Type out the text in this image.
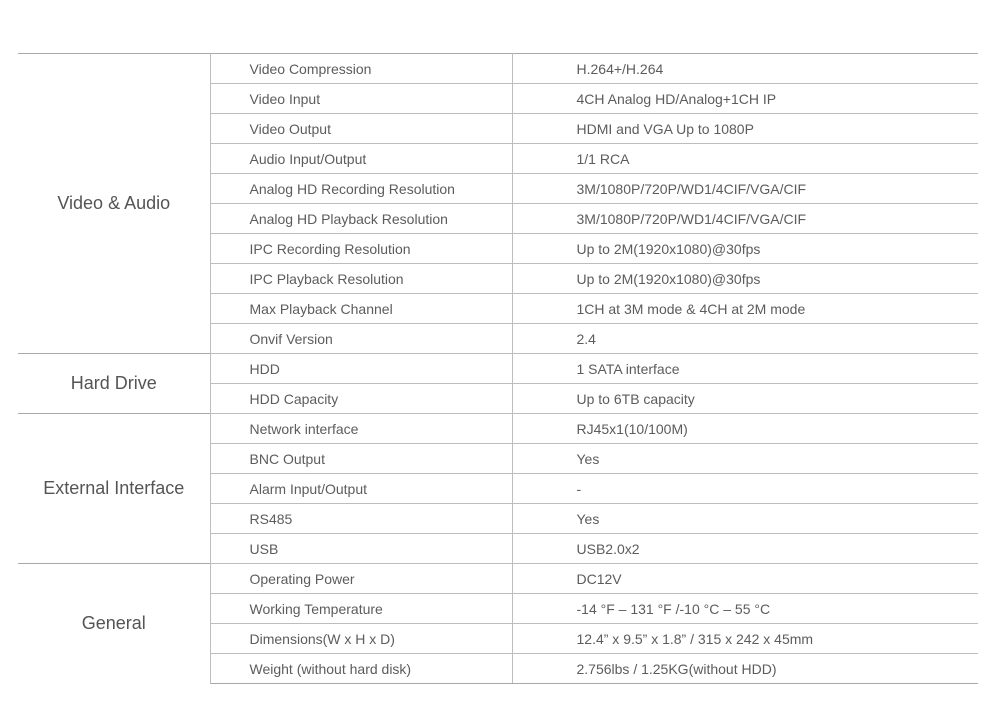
Video & Audio	Video Compression	H.264+/H.264
	Video Input	4CH Analog HD/Analog+1CH IP
	Video Output	HDMI and VGA Up to 1080P
	Audio Input/Output	1/1 RCA
	Analog HD Recording Resolution	3M/1080P/720P/WD1/4CIF/VGA/CIF
	Analog HD Playback Resolution	3M/1080P/720P/WD1/4CIF/VGA/CIF
	IPC Recording Resolution	Up to 2M(1920x1080)@30fps
	IPC Playback Resolution	Up to 2M(1920x1080)@30fps
	Max Playback Channel	1CH at 3M mode & 4CH at 2M mode
	Onvif Version	2.4
Hard Drive	HDD	1 SATA interface
	HDD Capacity	Up to 6TB capacity
External Interface	Network interface	RJ45x1(10/100M)
	BNC Output	Yes
	Alarm Input/Output	-
	RS485	Yes
	USB	USB2.0x2
General	Operating Power	DC12V
	Working Temperature	-14 °F – 131 °F /-10 °C – 55 °C
	Dimensions(W x H x D)	12.4” x 9.5” x 1.8” / 315 x 242 x 45mm
	Weight (without hard disk)	2.756lbs / 1.25KG(without HDD)
